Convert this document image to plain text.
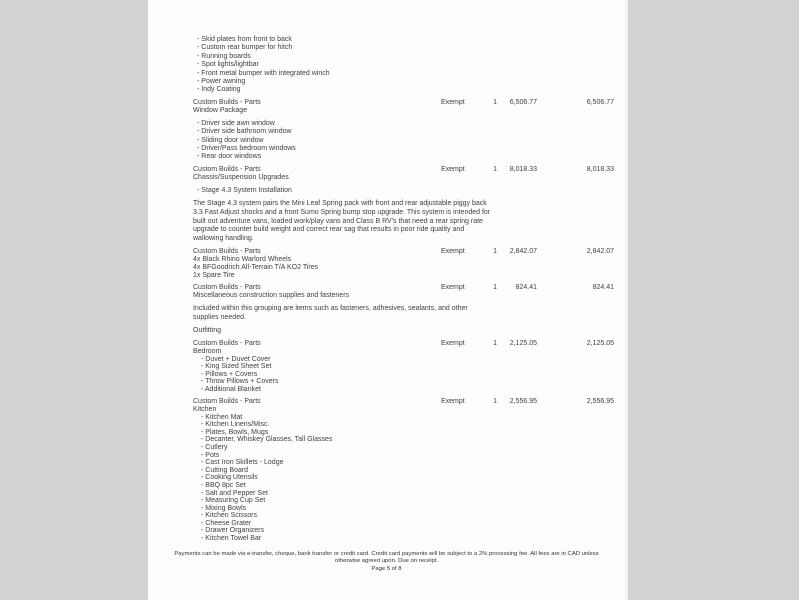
- Skid plates from front to back
- Custom rear bumper for hitch
- Running boards
- Spot lights/lightbar
- Front metal bumper with integrated winch
- Power awning
- Indy Coating
Custom Builds - Parts
Window Package
Exempt	1	6,506.77	6,506.77
- Driver side awn window
- Driver side bathroom window
- Sliding door window
- Driver/Pass bedroom windows
- Rear door windows
Custom Builds - Parts
Chassis/Suspension Upgrades
Exempt	1	8,018.33	8,018.33
- Stage 4.3 System Installation
The Stage 4.3 system pairs the Mini Leaf Spring pack with front and rear adjustable piggy back 3.3 Fast Adjust shocks and a front Sumo Spring bump stop upgrade. This system is intended for built out adventure vans, loaded work/play vans and Class B RV's that need a rear spring rate upgrade to counter build weight and correct rear sag that results in poor ride quality and wallowing handling.
Custom Builds - Parts
4x Black Rhino Warlord Wheels
4x BFGoodrich All-Terrain T/A KO2 Tires
1x Spare Tire
Exempt	1	2,842.07	2,842.07
Custom Builds - Parts
Miscellaneous construction supplies and fasteners
Exempt	1	824.41	824.41
Included within this grouping are items such as fasteners, adhesives, sealants, and other supplies needed.
Outfitting
Custom Builds - Parts
Bedroom
- Duvet + Duvet Cover
- King Sized Sheet Set
- Pillows + Covers
- Throw Pillows + Covers
- Additional Blanket
Exempt	1	2,125.05	2,125.05
Custom Builds - Parts
Kitchen
- Kitchen Mat
- Kitchen Linens/Misc.
- Plates, Bowls, Mugs
- Decanter, Whiskey Glasses, Tall Glasses
- Cutlery
- Pots
- Cast Iron Skillets - Lodge
- Cutting Board
- Cooking Utensils
- BBQ 8pc Set
- Salt and Pepper Set
- Measuring Cup Set
- Mixing Bowls
- Kitchen Scissors
- Cheese Grater
- Drawer Organizers
- Kitchen Towel Bar
Exempt	1	2,556.95	2,556.95
Payments can be made via e-transfer, cheque, bank transfer or credit card. Credit card payments will be subject to a 2% processing fee. All fees are in CAD unless otherwise agreed upon. Due on receipt.
Page 5 of 8
